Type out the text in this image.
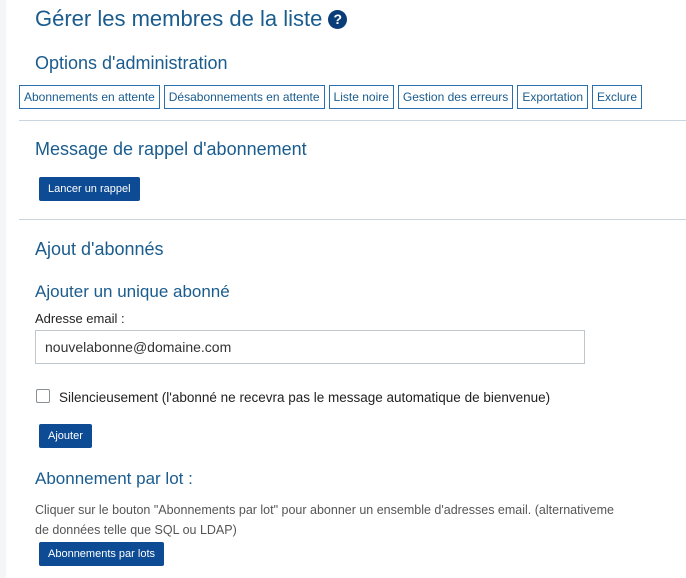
Gérer les membres de la liste ?
Options d'administration
Abonnements en attente	Désabonnements en attente	Liste noire	Gestion des erreurs	Exportation	Exclure
Message de rappel d'abonnement
Lancer un rappel
Ajout d'abonnés
Ajouter un unique abonné
Adresse email :
nouvelabonne@domaine.com
Silencieusement (l'abonné ne recevra pas le message automatique de bienvenue)
Ajouter
Abonnement par lot :
Cliquer sur le bouton "Abonnements par lot" pour abonner un ensemble d'adresses email. (alternativeme
de données telle que SQL ou LDAP)
Abonnements par lots
